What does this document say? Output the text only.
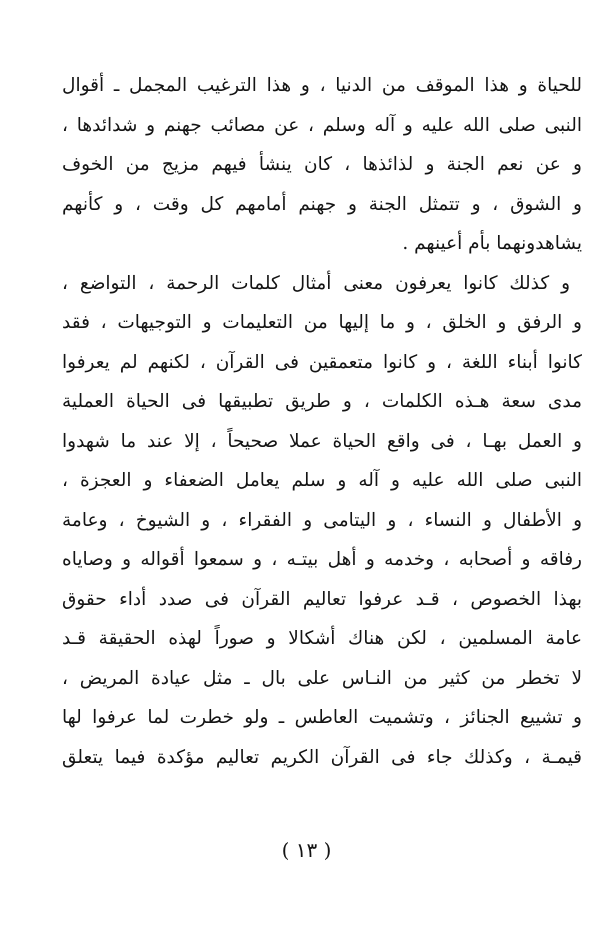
للحياة و هذا الموقف من الدنيا ، و هذا الترغيب المجمل ـ أقوال
النبى صلى الله عليه و آله وسلم ، عن مصائب جهنم و شدائدها ،
و عن نعم الجنة و لذائذها ، كان ينشأ فيهم مزيج من الخوف
و الشوق ، و تتمثل الجنة و جهنم أمامهم كل وقت ، و كأنهم
يشاهدونهما بأم أعينهم .
و كذلك كانوا يعرفون معنى أمثال كلمات الرحمة ، التواضع ،
و الرفق و الخلق ، و ما إليها من التعليمات و التوجيهات ، فقد
كانوا أبناء اللغة ، و كانوا متعمقين فى القرآن ، لكنهم لم يعرفوا
مدى سعة هـذه الكلمات ، و طريق تطبيقها فى الحياة العملية
و العمل بهـا ، فى واقع الحياة عملا صحيحاً ، إلا عند ما شهدوا
النبى صلى الله عليه و آله و سلم يعامل الضعفاء و العجزة ،
و الأطفال و النساء ، و اليتامى و الفقراء ، و الشيوخ ، وعامة
رفاقه و أصحابه ، وخدمه و أهل بيتـه ، و سمعوا أقواله و وصاياه
بهذا الخصوص ، قـد عرفوا تعاليم القرآن فى صدد أداء حقوق
عامة المسلمين ، لكن هناك أشكالا و صوراً لهذه الحقيقة قـد
لا تخطر من كثير من النـاس على بال ـ مثل عيادة المريض ،
و تشييع الجنائز ، وتشميت العاطس ـ ولو خطرت لما عرفوا لها
قيمـة ، وكذلك جاء فى القرآن الكريم تعاليم مؤكدة فيما يتعلق
( ١٣ )
